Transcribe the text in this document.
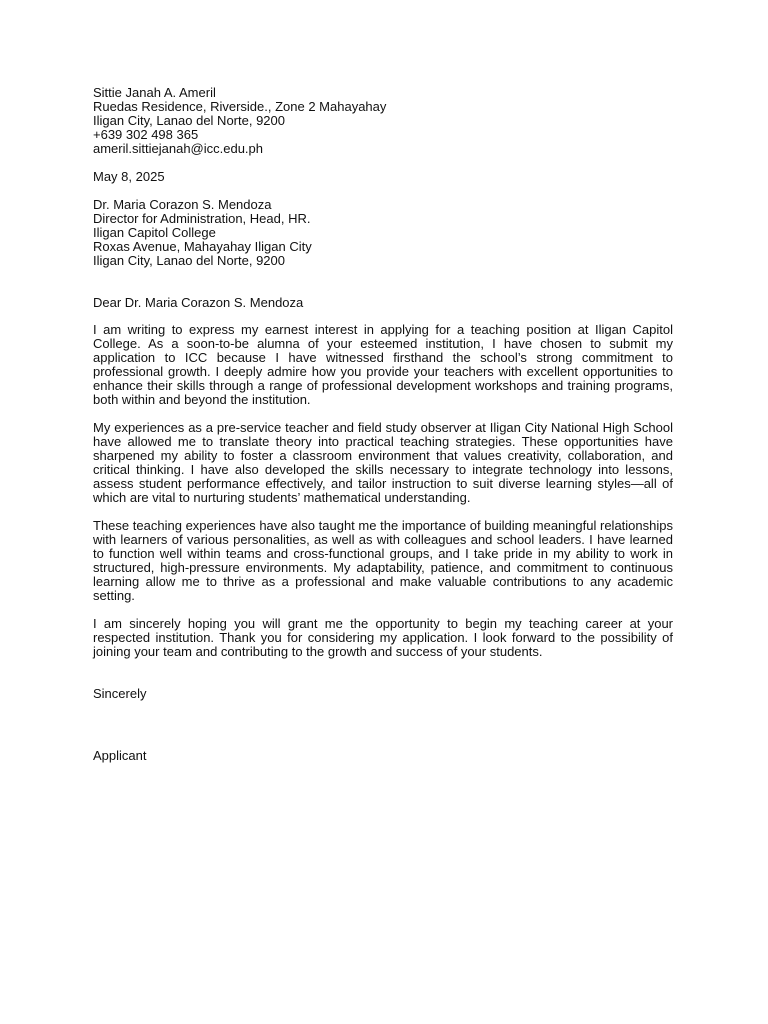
Sittie Janah A. Ameril
Ruedas Residence, Riverside., Zone 2 Mahayahay
Iligan City, Lanao del Norte, 9200
+639 302 498 365
ameril.sittiejanah@icc.edu.ph
May 8, 2025
Dr. Maria Corazon S. Mendoza
Director for Administration, Head, HR.
Iligan Capitol College
Roxas Avenue, Mahayahay Iligan City
Iligan City, Lanao del Norte, 9200
Dear Dr. Maria Corazon S. Mendoza

I am writing to express my earnest interest in applying for a teaching position at Iligan Capitol College. As a soon-to-be alumna of your esteemed institution, I have chosen to submit my application to ICC because I have witnessed firsthand the school’s strong commitment to professional growth. I deeply admire how you provide your teachers with excellent opportunities to enhance their skills through a range of professional development workshops and training programs, both within and beyond the institution.

My experiences as a pre-service teacher and field study observer at Iligan City National High School have allowed me to translate theory into practical teaching strategies. These opportunities have sharpened my ability to foster a classroom environment that values creativity, collaboration, and critical thinking. I have also developed the skills necessary to integrate technology into lessons, assess student performance effectively, and tailor instruction to suit diverse learning styles—all of which are vital to nurturing students’ mathematical understanding.

These teaching experiences have also taught me the importance of building meaningful relationships with learners of various personalities, as well as with colleagues and school leaders. I have learned to function well within teams and cross-functional groups, and I take pride in my ability to work in structured, high-pressure environments. My adaptability, patience, and commitment to continuous learning allow me to thrive as a professional and make valuable contributions to any academic setting.

I am sincerely hoping you will grant me the opportunity to begin my teaching career at your respected institution. Thank you for considering my application. I look forward to the possibility of joining your team and contributing to the growth and success of your students.

Sincerely
Applicant
